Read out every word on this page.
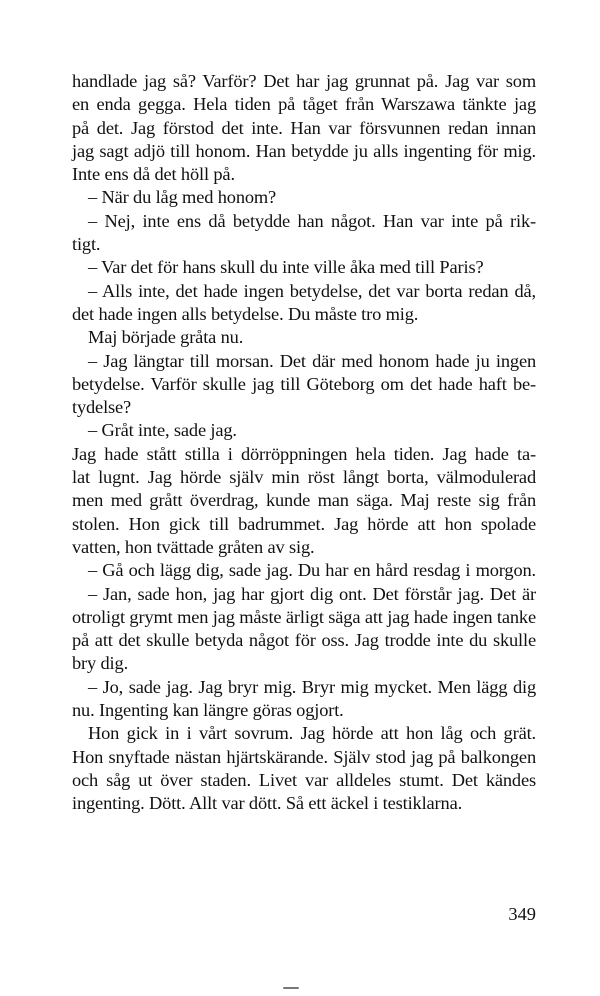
handlade jag så? Varför? Det har jag grunnat på. Jag var som
en enda gegga. Hela tiden på tåget från Warszawa tänkte jag
på det. Jag förstod det inte. Han var försvunnen redan innan
jag sagt adjö till honom. Han betydde ju alls ingenting för mig.
Inte ens då det höll på.
– När du låg med honom?
– Nej, inte ens då betydde han något. Han var inte på rik-
tigt.
– Var det för hans skull du inte ville åka med till Paris?
– Alls inte, det hade ingen betydelse, det var borta redan då,
det hade ingen alls betydelse. Du måste tro mig.
Maj började gråta nu.
– Jag längtar till morsan. Det där med honom hade ju ingen
betydelse. Varför skulle jag till Göteborg om det hade haft be-
tydelse?
– Gråt inte, sade jag.
Jag hade stått stilla i dörröppningen hela tiden. Jag hade ta-
lat lugnt. Jag hörde själv min röst långt borta, välmodulerad
men med grått överdrag, kunde man säga. Maj reste sig från
stolen. Hon gick till badrummet. Jag hörde att hon spolade
vatten, hon tvättade gråten av sig.
– Gå och lägg dig, sade jag. Du har en hård resdag i morgon.
– Jan, sade hon, jag har gjort dig ont. Det förstår jag. Det är
otroligt grymt men jag måste ärligt säga att jag hade ingen tanke
på att det skulle betyda något för oss. Jag trodde inte du skulle
bry dig.
– Jo, sade jag. Jag bryr mig. Bryr mig mycket. Men lägg dig
nu. Ingenting kan längre göras ogjort.
Hon gick in i vårt sovrum. Jag hörde att hon låg och grät.
Hon snyftade nästan hjärtskärande. Själv stod jag på balkongen
och såg ut över staden. Livet var alldeles stumt. Det kändes
ingenting. Dött. Allt var dött. Så ett äckel i testiklarna.
349
